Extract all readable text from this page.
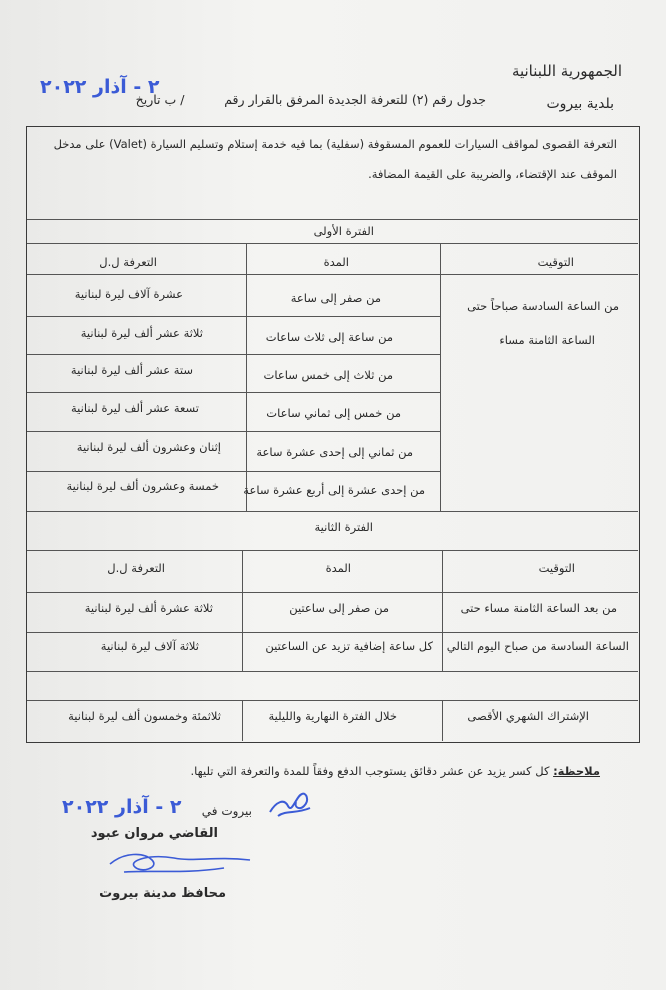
الجمهورية اللبنانية
بلدية بيروت
جدول رقم (٢) للتعرفة الجديدة المرفق بالقرار رقم          / ب تاريخ
٢ - آذار ٢٠٢٢
التعرفة القصوى لمواقف السيارات للعموم المسقوفة (سفلية) بما فيه خدمة إستلام وتسليم السيارة (Valet) على مدخل
الموقف عند الإقتضاء، والضريبة على القيمة المضافة.
الفترة الأولى
التوقيت
المدة
التعرفة ل.ل
من الساعة السادسة صباحاً حتى
الساعة الثامنة مساء
من صفر إلى ساعة
عشرة آلاف ليرة لبنانية
من ساعة إلى ثلاث ساعات
ثلاثة عشر ألف ليرة لبنانية
من ثلاث إلى خمس ساعات
ستة عشر ألف ليرة لبنانية
من خمس إلى ثماني ساعات
تسعة عشر ألف ليرة لبنانية
من ثماني إلى إحدى عشرة ساعة
إثنان وعشرون ألف ليرة لبنانية
من إحدى عشرة إلى أربع عشرة ساعة
خمسة وعشرون ألف ليرة لبنانية
الفترة الثانية
التوقيت
المدة
التعرفة ل.ل
من بعد الساعة الثامنة مساء حتى
الساعة السادسة من صباح اليوم التالي
من صفر إلى ساعتين
ثلاثة عشرة ألف ليرة لبنانية
كل ساعة إضافية تزيد عن الساعتين
ثلاثة آلاف ليرة لبنانية
الإشتراك الشهري الأقصى
خلال الفترة النهارية والليلية
ثلاثمئة وخمسون ألف ليرة لبنانية
ملاحظة: كل كسر يزيد عن عشر دقائق يستوجب الدفع وفقاً للمدة والتعرفة التي تليها.
بيروت في
٢ - آذار ٢٠٢٢
القاضي مروان عبود
محافظ مدينة بيروت
